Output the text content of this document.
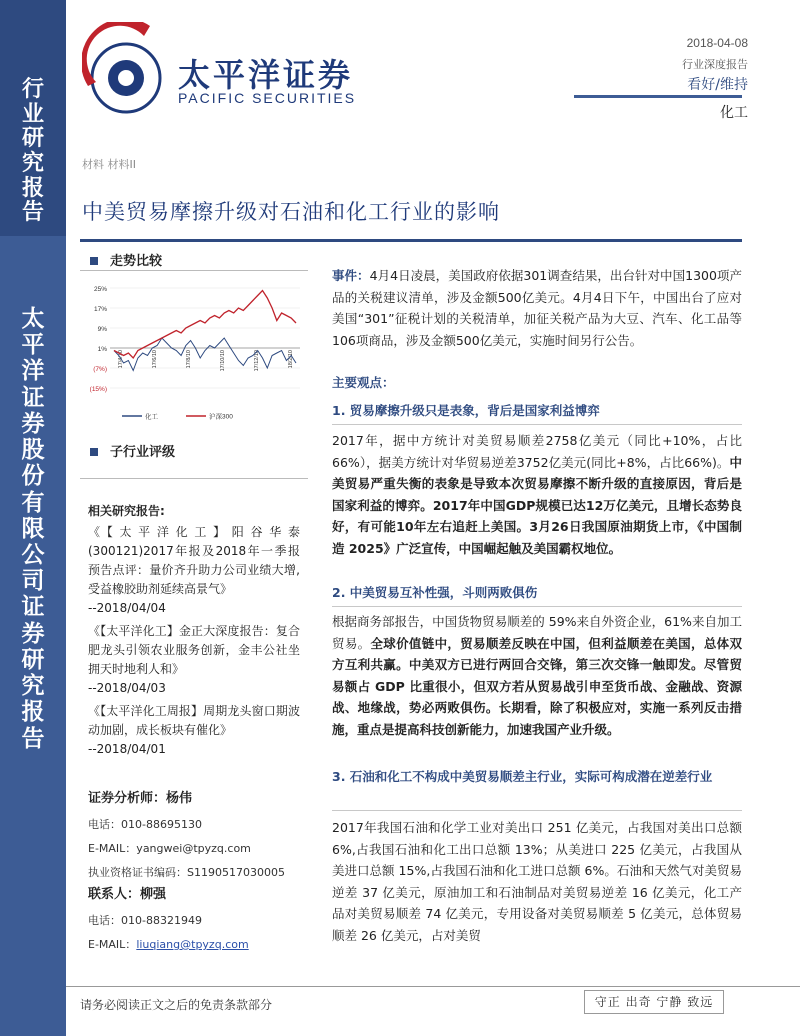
行
业
研
究
报
告
太
平
洋
证
券
股
份
有
限
公
司
证
券
研
究
报
告
太平洋证券
PACIFIC SECURITIES
2018-04-08
行业深度报告
看好/维持
化工
材料 材料II
中美贸易摩擦升级对石油和化工行业的影响
走势比较
25%
17%
9%
1%
(7%)
(15%)
17/4/10	17/6/10	17/8/10	17/10/10	17/12/10	18/2/10
化工	沪深300
子行业评级
相关研究报告:
《【太平洋化工】阳谷华泰(300121)2017年报及2018年一季报预告点评：量价齐升助力公司业绩大增,受益橡胶助剂延续高景气》
--2018/04/04
《【太平洋化工】金正大深度报告：复合肥龙头引领农业服务创新，金丰公社坐拥天时地利人和》
--2018/04/03
《【太平洋化工周报】周期龙头窗口期波动加剧，成长板块有催化》
--2018/04/01
证券分析师：杨伟
电话：010-88695130
E-MAIL：yangwei@tpyzq.com
执业资格证书编码：S1190517030005
联系人：柳强
电话：010-88321949
E-MAIL：liuqiang@tpyzq.com
事件：4月4日凌晨，美国政府依据301调查结果，出台针对中国1300项产品的关税建议清单，涉及金额500亿美元。4月4日下午，中国出台了应对美国“301”征税计划的关税清单，加征关税产品为大豆、汽车、化工品等106项商品，涉及金额500亿美元，实施时间另行公告。
主要观点：
1. 贸易摩擦升级只是表象，背后是国家利益博弈
2017年，据中方统计对美贸易顺差2758亿美元（同比+10%，占比66%），据美方统计对华贸易逆差3752亿美元(同比+8%，占比66%)。中美贸易严重失衡的表象是导致本次贸易摩擦不断升级的直接原因，背后是国家利益的博弈。2017年中国GDP规模已达12万亿美元，且增长态势良好，有可能10年左右追赶上美国。3月26日我国原油期货上市，《中国制造 2025》广泛宣传，中国崛起触及美国霸权地位。
2. 中美贸易互补性强，斗则两败俱伤
根据商务部报告，中国货物贸易顺差的 59%来自外资企业，61%来自加工贸易。全球价值链中，贸易顺差反映在中国，但利益顺差在美国，总体双方互利共赢。中美双方已进行两回合交锋，第三次交锋一触即发。尽管贸易额占 GDP 比重很小，但双方若从贸易战引申至货币战、金融战、资源战、地缘战，势必两败俱伤。长期看，除了积极应对，实施一系列反击措施，重点是提高科技创新能力，加速我国产业升级。
3. 石油和化工不构成中美贸易顺差主行业，实际可构成潜在逆差行业
2017年我国石油和化学工业对美出口 251 亿美元，占我国对美出口总额 6%,占我国石油和化工出口总额 13%；从美进口 225 亿美元，占我国从美进口总额 15%,占我国石油和化工进口总额 6%。石油和天然气对美贸易逆差 37 亿美元，原油加工和石油制品对美贸易逆差 16 亿美元，化工产品对美贸易顺差 74 亿美元，专用设备对美贸易顺差 5 亿美元，总体贸易顺差 26 亿美元，占对美贸
请务必阅读正文之后的免责条款部分	守正 出奇 宁静 致远
